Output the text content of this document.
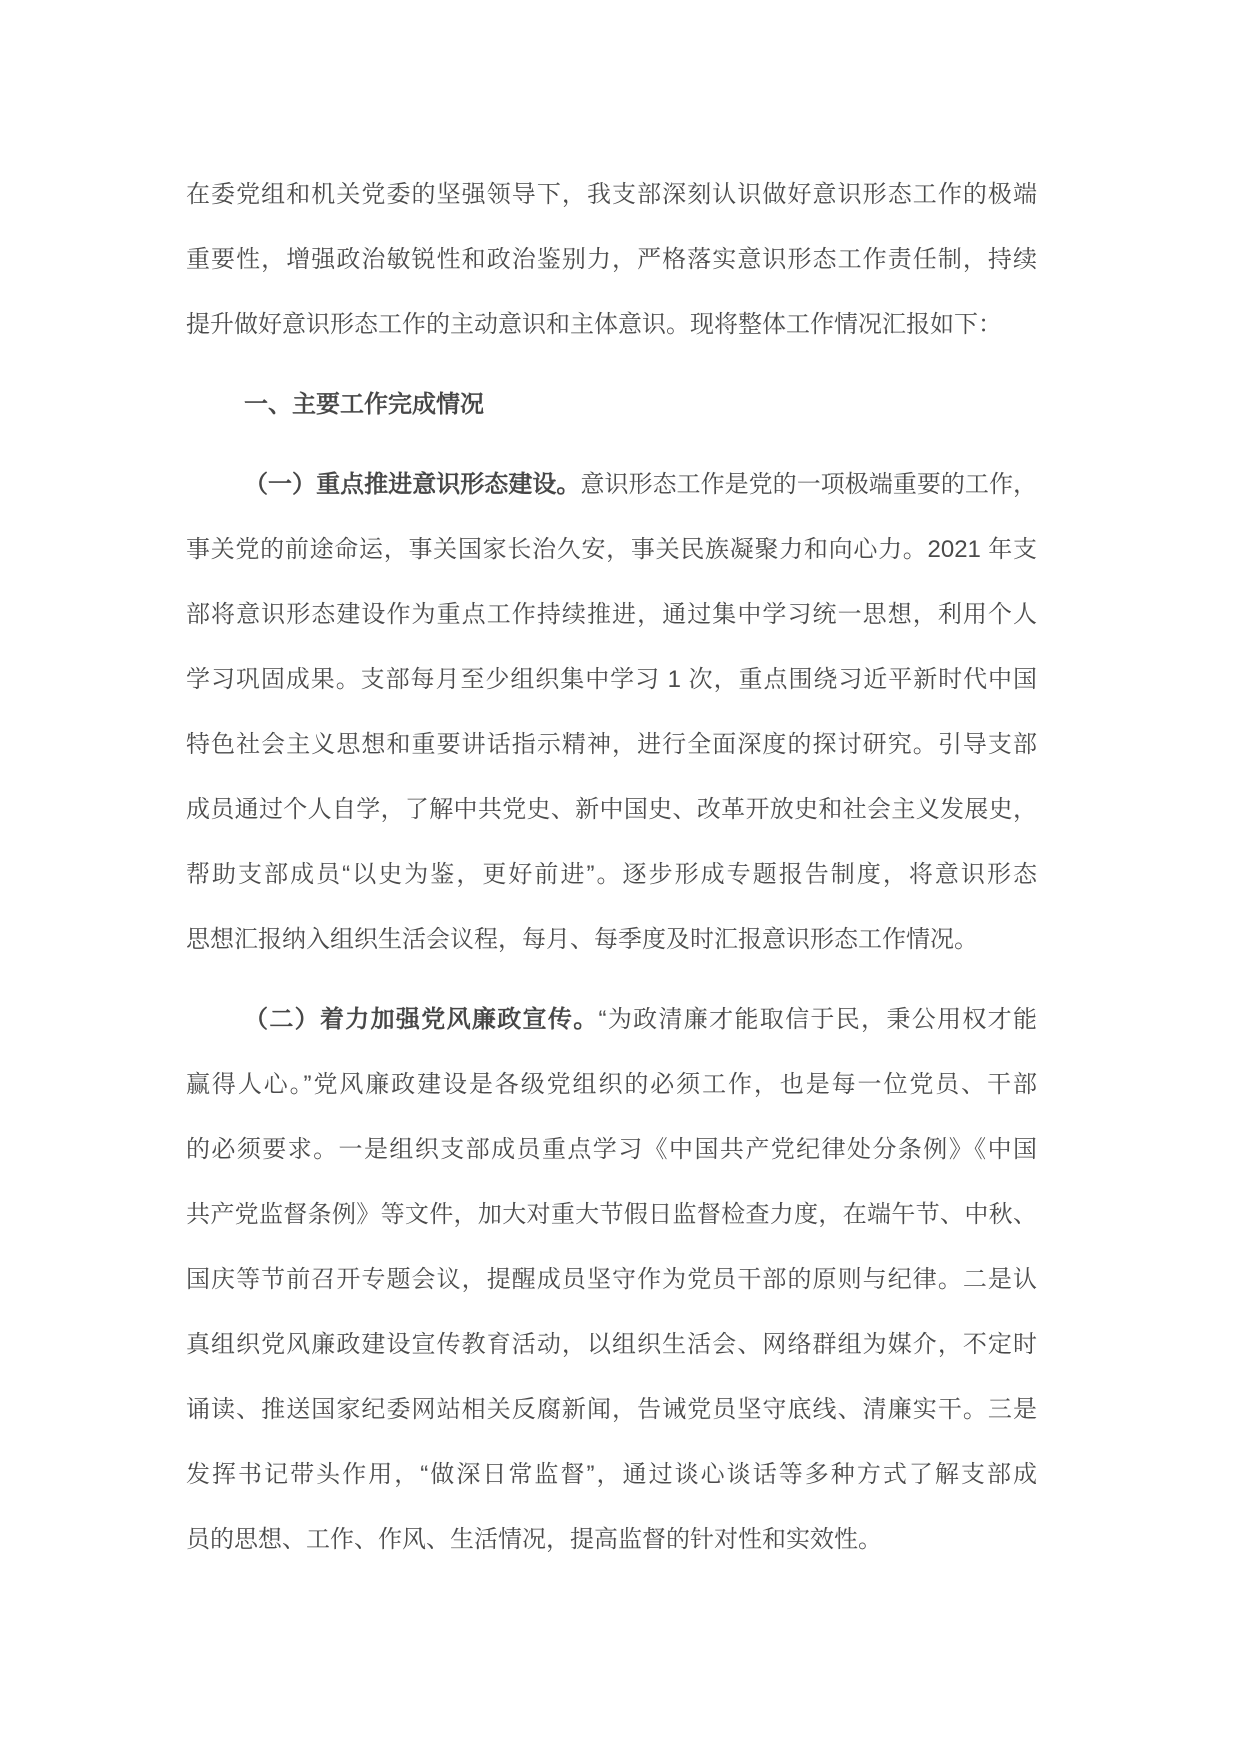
在委党组和机关党委的坚强领导下，我支部深刻认识做好意识形态工作的极端
重要性，增强政治敏锐性和政治鉴别力，严格落实意识形态工作责任制，持续
提升做好意识形态工作的主动意识和主体意识。现将整体工作情况汇报如下：
一、主要工作完成情况
（一）重点推进意识形态建设。意识形态工作是党的一项极端重要的工作，
事关党的前途命运，事关国家长治久安，事关民族凝聚力和向心力。2021 年支
部将意识形态建设作为重点工作持续推进，通过集中学习统一思想，利用个人
学习巩固成果。支部每月至少组织集中学习 1 次，重点围绕习近平新时代中国
特色社会主义思想和重要讲话指示精神，进行全面深度的探讨研究。引导支部
成员通过个人自学，了解中共党史、新中国史、改革开放史和社会主义发展史，
帮助支部成员“以史为鉴，更好前进”。逐步形成专题报告制度，将意识形态
思想汇报纳入组织生活会议程，每月、每季度及时汇报意识形态工作情况。
（二）着力加强党风廉政宣传。“为政清廉才能取信于民，秉公用权才能
赢得人心。”党风廉政建设是各级党组织的必须工作，也是每一位党员、干部
的必须要求。一是组织支部成员重点学习《中国共产党纪律处分条例》《中国
共产党监督条例》等文件，加大对重大节假日监督检查力度，在端午节、中秋、
国庆等节前召开专题会议，提醒成员坚守作为党员干部的原则与纪律。二是认
真组织党风廉政建设宣传教育活动，以组织生活会、网络群组为媒介，不定时
诵读、推送国家纪委网站相关反腐新闻，告诫党员坚守底线、清廉实干。三是
发挥书记带头作用，“做深日常监督”，通过谈心谈话等多种方式了解支部成
员的思想、工作、作风、生活情况，提高监督的针对性和实效性。
